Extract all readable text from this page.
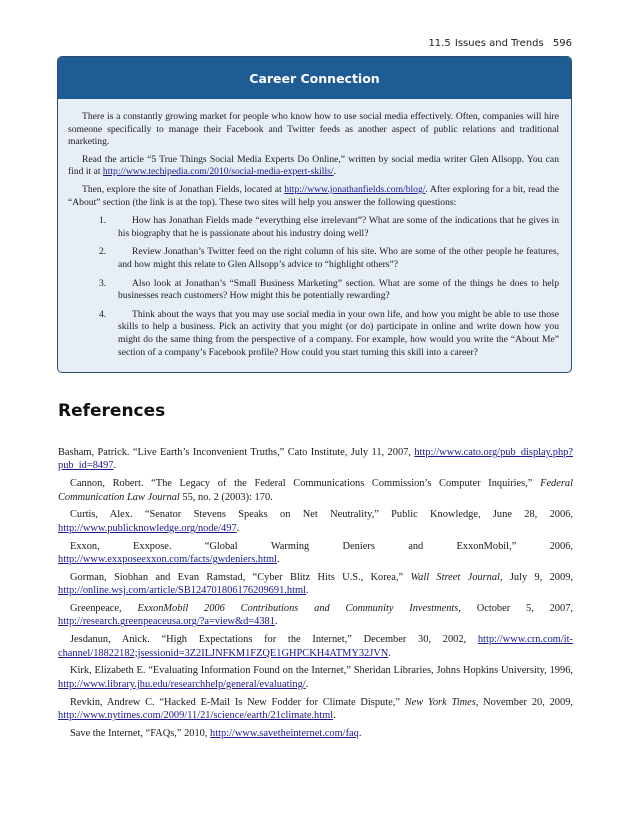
11.5 Issues and Trends 596
Career Connection

There is a constantly growing market for people who know how to use social media effectively. Often, companies will hire someone specifically to manage their Facebook and Twitter feeds as another aspect of public relations and traditional marketing.

Read the article “5 True Things Social Media Experts Do Online,” written by social media writer Glen Allsopp. You can find it at http://www.techipedia.com/2010/social-media-expert-skills/.

Then, explore the site of Jonathan Fields, located at http://www.jonathanfields.com/blog/. After exploring for a bit, read the “About” section (the link is at the top). These two sites will help you answer the following questions:

1.	How has Jonathan Fields made “everything else irrelevant”? What are some of the indications that he gives in his biography that he is passionate about his industry doing well?
2.	Review Jonathan’s Twitter feed on the right column of his site. Who are some of the other people he features, and how might this relate to Glen Allsopp’s advice to “highlight others”?
3.	Also look at Jonathan’s “Small Business Marketing” section. What are some of the things he does to help businesses reach customers? How might this be potentially rewarding?
4.	Think about the ways that you may use social media in your own life, and how you might be able to use those skills to help a business. Pick an activity that you might (or do) participate in online and write down how you might do the same thing from the perspective of a company. For example, how would you write the “About Me” section of a company’s Facebook profile? How could you start turning this skill into a career?
References

Basham, Patrick. “Live Earth’s Inconvenient Truths,” Cato Institute, July 11, 2007, http://www.cato.org/pub_display.php?pub_id=8497.

Cannon, Robert. “The Legacy of the Federal Communications Commission’s Computer Inquiries,” Federal Communication Law Journal 55, no. 2 (2003): 170.

Curtis, Alex. “Senator Stevens Speaks on Net Neutrality,” Public Knowledge, June 28, 2006, http://www.publicknowledge.org/node/497.

Exxon, Exxpose. “Global Warming Deniers and ExxonMobil,” 2006, http://www.exxposeexxon.com/facts/gwdeniers.html.

Gorman, Siobhan and Evan Ramstad, “Cyber Blitz Hits U.S., Korea,” Wall Street Journal, July 9, 2009, http://online.wsj.com/article/SB124701806176209691.html.

Greenpeace, ExxonMobil 2006 Contributions and Community Investments, October 5, 2007, http://research.greenpeaceusa.org/?a=view&d=4381.

Jesdanun, Anick. “High Expectations for the Internet,” December 30, 2002, http://www.crn.com/it-channel/18822182;jsessionid=3Z2ILJNFKM1FZQE1GHPCKH4ATMY32JVN.

Kirk, Elizabeth E. “Evaluating Information Found on the Internet,” Sheridan Libraries, Johns Hopkins University, 1996, http://www.library.jhu.edu/researchhelp/general/evaluating/.

Revkin, Andrew C. “Hacked E-Mail Is New Fodder for Climate Dispute,” New York Times, November 20, 2009, http://www.nytimes.com/2009/11/21/science/earth/21climate.html.

Save the Internet, “FAQs,” 2010, http://www.savetheinternet.com/faq.
